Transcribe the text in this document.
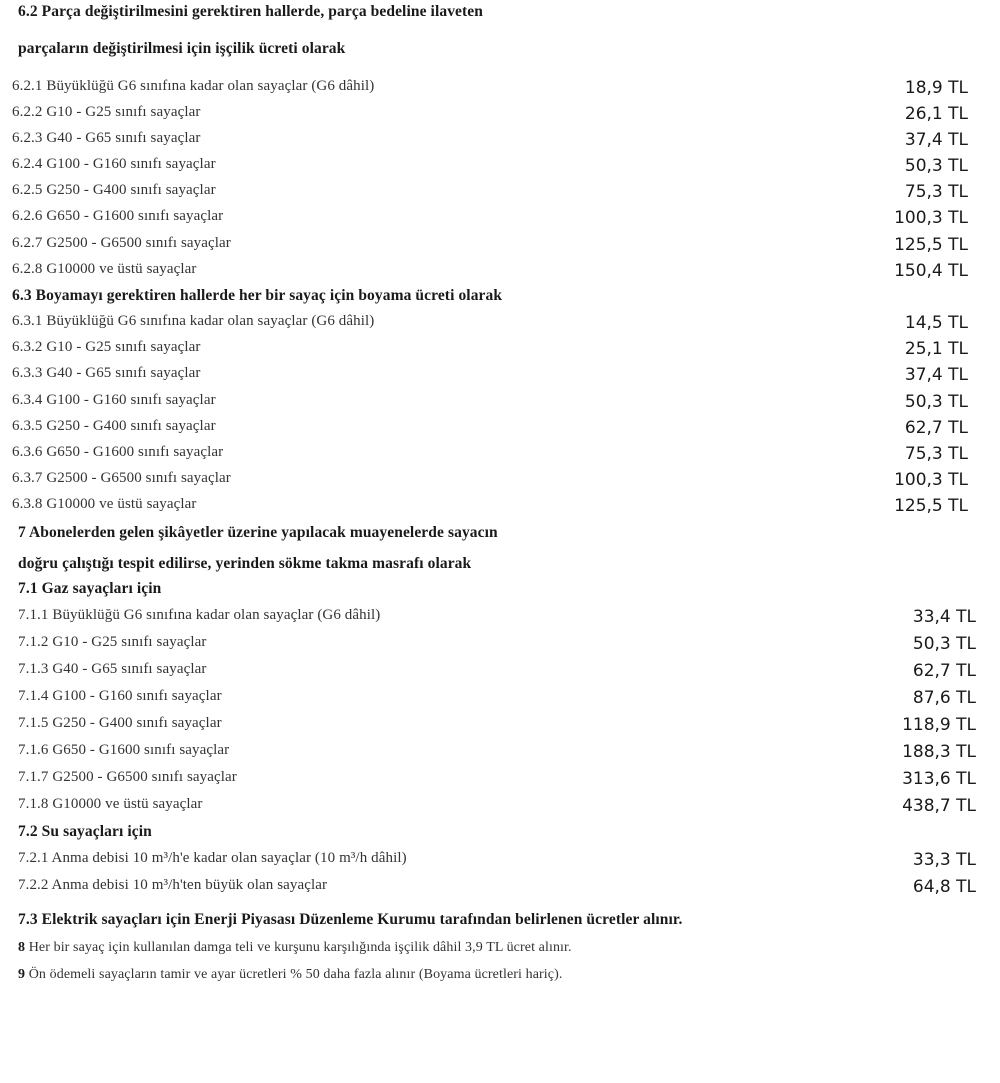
6.2 Parça değiştirilmesini gerektiren hallerde, parça bedeline ilaveten
parçaların değiştirilmesi için işçilik ücreti olarak
6.2.1 Büyüklüğü G6 sınıfına kadar olan sayaçlar (G6 dâhil)	18,9 TL
6.2.2 G10 - G25 sınıfı sayaçlar	26,1 TL
6.2.3 G40 - G65 sınıfı sayaçlar	37,4 TL
6.2.4 G100 - G160 sınıfı sayaçlar	50,3 TL
6.2.5 G250 - G400 sınıfı sayaçlar	75,3 TL
6.2.6 G650 - G1600 sınıfı sayaçlar	100,3 TL
6.2.7 G2500 - G6500 sınıfı sayaçlar	125,5 TL
6.2.8 G10000 ve üstü sayaçlar	150,4 TL
6.3 Boyamayı gerektiren hallerde her bir sayaç için boyama ücreti olarak
6.3.1 Büyüklüğü G6 sınıfına kadar olan sayaçlar (G6 dâhil)	14,5 TL
6.3.2 G10 - G25 sınıfı sayaçlar	25,1 TL
6.3.3 G40 - G65 sınıfı sayaçlar	37,4 TL
6.3.4 G100 - G160 sınıfı sayaçlar	50,3 TL
6.3.5 G250 - G400 sınıfı sayaçlar	62,7 TL
6.3.6 G650 - G1600 sınıfı sayaçlar	75,3 TL
6.3.7 G2500 - G6500 sınıfı sayaçlar	100,3 TL
6.3.8 G10000 ve üstü sayaçlar	125,5 TL
7 Abonelerden gelen şikâyetler üzerine yapılacak muayenelerde sayacın
doğru çalıştığı tespit edilirse, yerinden sökme takma masrafı olarak
7.1 Gaz sayaçları için
7.1.1 Büyüklüğü G6 sınıfına kadar olan sayaçlar (G6 dâhil)	33,4 TL
7.1.2 G10 - G25 sınıfı sayaçlar	50,3 TL
7.1.3 G40 - G65 sınıfı sayaçlar	62,7 TL
7.1.4 G100 - G160 sınıfı sayaçlar	87,6 TL
7.1.5 G250 - G400 sınıfı sayaçlar	118,9 TL
7.1.6 G650 - G1600 sınıfı sayaçlar	188,3 TL
7.1.7 G2500 - G6500 sınıfı sayaçlar	313,6 TL
7.1.8 G10000 ve üstü sayaçlar	438,7 TL
7.2 Su sayaçları için
7.2.1 Anma debisi 10 m³/h'e kadar olan sayaçlar (10 m³/h dâhil)	33,3 TL
7.2.2 Anma debisi 10 m³/h'ten büyük olan sayaçlar	64,8 TL
7.3 Elektrik sayaçları için Enerji Piyasası Düzenleme Kurumu tarafından belirlenen ücretler alınır.
8 Her bir sayaç için kullanılan damga teli ve kurşunu karşılığında işçilik dâhil 3,9 TL ücret alınır.
9 Ön ödemeli sayaçların tamir ve ayar ücretleri % 50 daha fazla alınır (Boyama ücretleri hariç).
